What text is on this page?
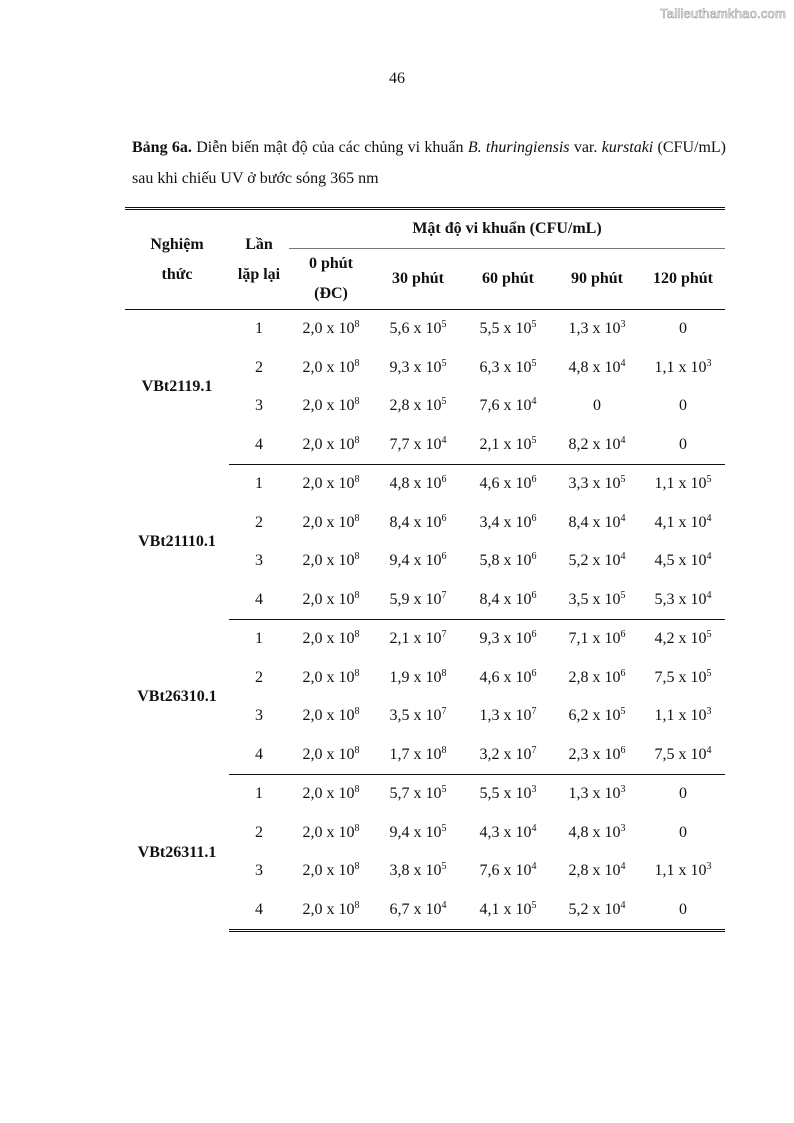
Tailieuthamkhao.com
46
Bảng 6a. Diễn biến mật độ của các chủng vi khuẩn B. thuringiensis var. kurstaki (CFU/mL) sau khi chiếu UV ở bước sóng 365 nm
Nghiệm thức	Lần lặp lại	Mật độ vi khuẩn (CFU/mL)				

		0 phút (ĐC)	30 phút	60 phút	90 phút	120 phút
VBt2119.1	1	2,0 x $10^8$	5,6 x $10^5$	5,5 x $10^5$	1,3 x $10^3$	0
	2	2,0 x $10^8$	9,3 x $10^5$	6,3 x $10^5$	4,8 x $10^4$	1,1 x $10^3$
	3	2,0 x $10^8$	2,8 x $10^5$	7,6 x $10^4$	0	0
	4	2,0 x $10^8$	7,7 x $10^4$	2,1 x $10^5$	8,2 x $10^4$	0
VBt21110.1	1	2,0 x $10^8$	4,8 x $10^6$	4,6 x $10^6$	3,3 x $10^5$	1,1 x $10^5$
	2	2,0 x $10^8$	8,4 x $10^6$	3,4 x $10^6$	8,4 x $10^4$	4,1 x $10^4$
	3	2,0 x $10^8$	9,4 x $10^6$	5,8 x $10^6$	5,2 x $10^4$	4,5 x $10^4$
	4	2,0 x $10^8$	5,9 x $10^7$	8,4 x $10^6$	3,5 x $10^5$	5,3 x $10^4$
VBt26310.1	1	2,0 x $10^8$	2,1 x $10^7$	9,3 x $10^6$	7,1 x $10^6$	4,2 x $10^5$
	2	2,0 x $10^8$	1,9 x $10^8$	4,6 x $10^6$	2,8 x $10^6$	7,5 x $10^5$
	3	2,0 x $10^8$	3,5 x $10^7$	1,3 x $10^7$	6,2 x $10^5$	1,1 x $10^3$
	4	2,0 x $10^8$	1,7 x $10^8$	3,2 x $10^7$	2,3 x $10^6$	7,5 x $10^4$
VBt26311.1	1	2,0 x $10^8$	5,7 x $10^5$	5,5 x $10^3$	1,3 x $10^3$	0
	2	2,0 x $10^8$	9,4 x $10^5$	4,3 x $10^4$	4,8 x $10^3$	0
	3	2,0 x $10^8$	3,8 x $10^5$	7,6 x $10^4$	2,8 x $10^4$	1,1 x $10^3$
	4	2,0 x $10^8$	6,7 x $10^4$	4,1 x $10^5$	5,2 x $10^4$	0
